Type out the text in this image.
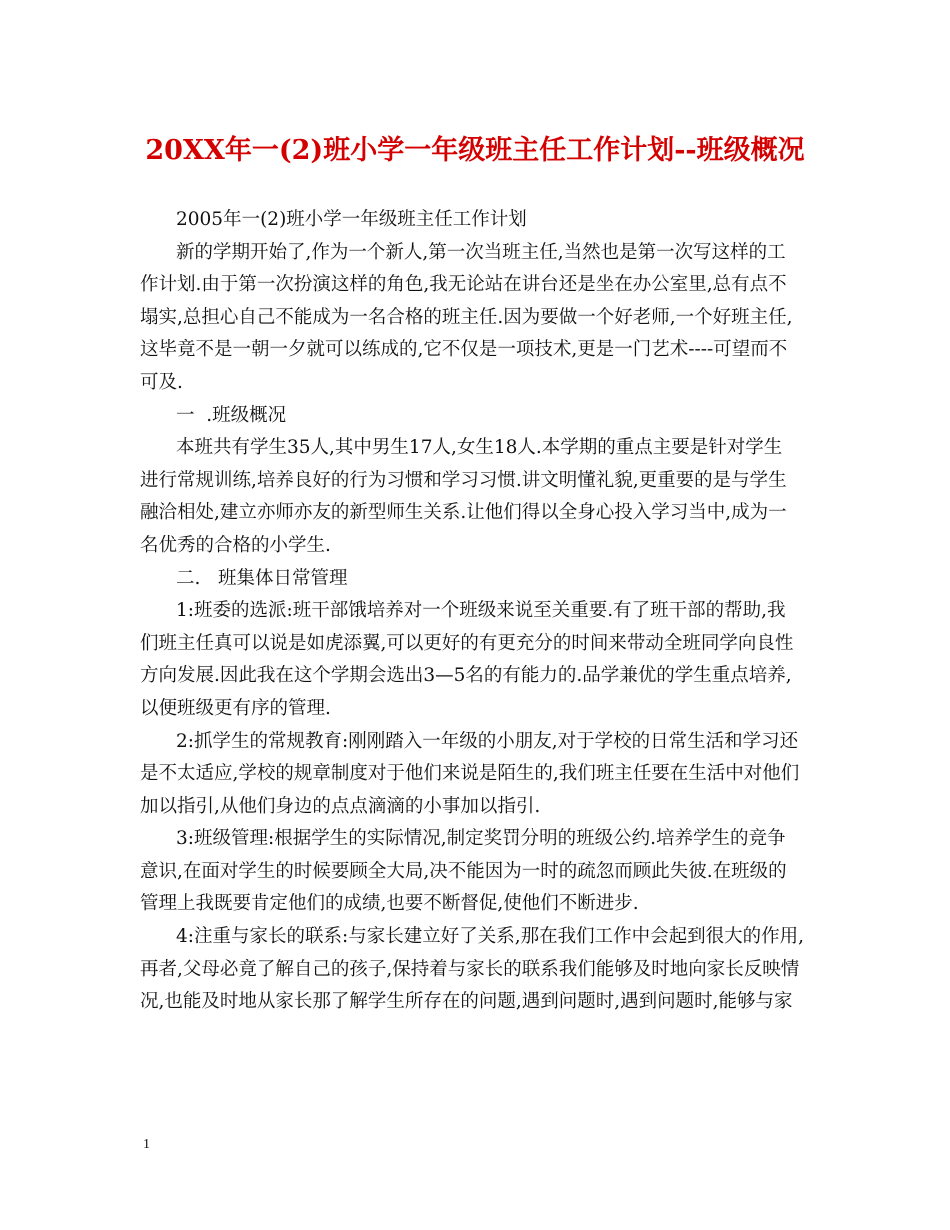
20XX年一(2)班小学一年级班主任工作计划--班级概况
2005年一(2)班小学一年级班主任工作计划
新的学期开始了,作为一个新人,第一次当班主任,当然也是第一次写这样的工
作计划.由于第一次扮演这样的角色,我无论站在讲台还是坐在办公室里,总有点不
塌实,总担心自己不能成为一名合格的班主任.因为要做一个好老师,一个好班主任,
这毕竟不是一朝一夕就可以练成的,它不仅是一项技术,更是一门艺术----可望而不
可及.
一  .班级概况
本班共有学生35人,其中男生17人,女生18人.本学期的重点主要是针对学生
进行常规训练,培养良好的行为习惯和学习习惯.讲文明懂礼貌,更重要的是与学生
融洽相处,建立亦师亦友的新型师生关系.让他们得以全身心投入学习当中,成为一
名优秀的合格的小学生.
二.   班集体日常管理
1:班委的选派:班干部饿培养对一个班级来说至关重要.有了班干部的帮助,我
们班主任真可以说是如虎添翼,可以更好的有更充分的时间来带动全班同学向良性
方向发展.因此我在这个学期会选出3—5名的有能力的.品学兼优的学生重点培养,
以便班级更有序的管理.
2:抓学生的常规教育:刚刚踏入一年级的小朋友,对于学校的日常生活和学习还
是不太适应,学校的规章制度对于他们来说是陌生的,我们班主任要在生活中对他们
加以指引,从他们身边的点点滴滴的小事加以指引.
3:班级管理:根据学生的实际情况,制定奖罚分明的班级公约.培养学生的竞争
意识,在面对学生的时候要顾全大局,决不能因为一时的疏忽而顾此失彼.在班级的
管理上我既要肯定他们的成绩,也要不断督促,使他们不断进步.
4:注重与家长的联系:与家长建立好了关系,那在我们工作中会起到很大的作用,
再者,父母必竟了解自己的孩子,保持着与家长的联系我们能够及时地向家长反映情
况,也能及时地从家长那了解学生所存在的问题,遇到问题时,遇到问题时,能够与家
1
